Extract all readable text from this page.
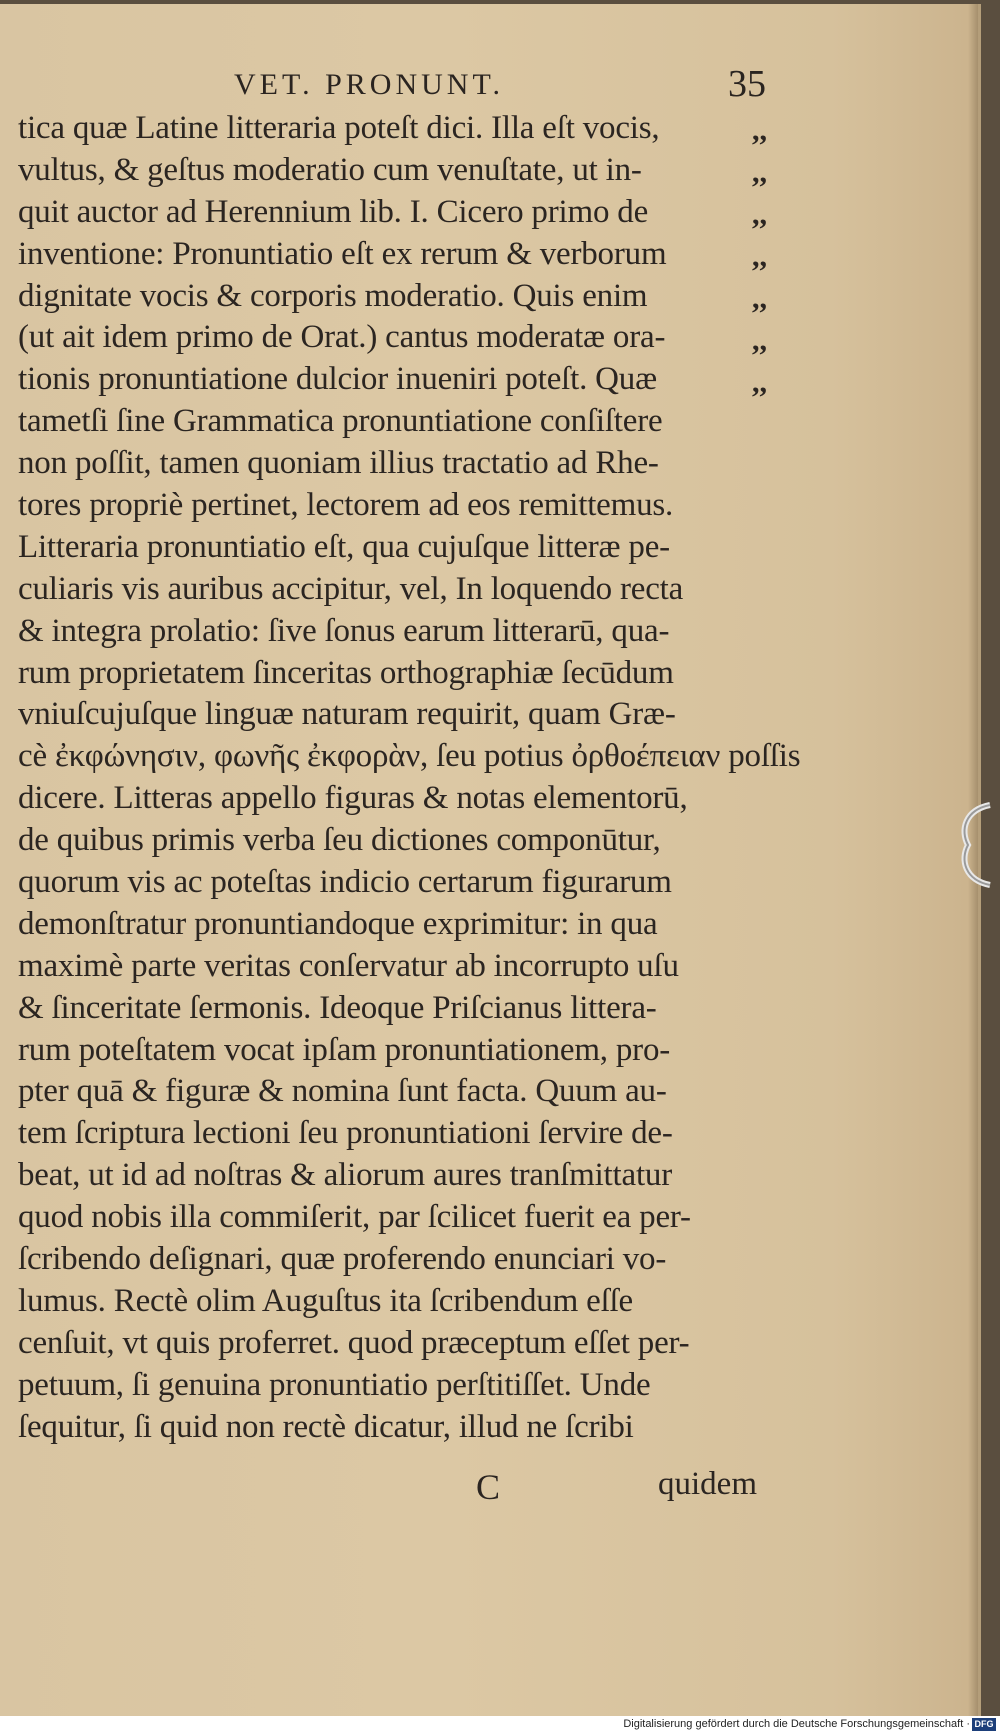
VET. PRONUNT.	35
tica quæ Latine litteraria poteſt dici. Illa eſt vocis,
vultus, & geſtus moderatio cum venuſtate, ut in-
quit auctor ad Herennium lib. I. Cicero primo de
inventione: Pronuntiatio eſt ex rerum & verborum
dignitate vocis & corporis moderatio. Quis enim
(ut ait idem primo de Orat.) cantus moderatæ ora-
tionis pronuntiatione dulcior inueniri poteſt. Quæ
tametſi ſine Grammatica pronuntiatione conſiſtere
non poſſit, tamen quoniam illius tractatio ad Rhe-
tores propriè pertinet, lectorem ad eos remittemus.
Litteraria pronuntiatio eſt, qua cujuſque litteræ pe-
culiaris vis auribus accipitur, vel, In loquendo recta
& integra prolatio: ſive ſonus earum litterarū, qua-
rum proprietatem ſinceritas orthographiæ ſecūdum
vniuſcujuſque linguæ naturam requirit, quam Græ-
cè ἐκφώνησιν, φωνῆς ἐκφορὰν, ſeu potius ὀρθοέπειαν poſſis
dicere. Litteras appello figuras & notas elementorū,
de quibus primis verba ſeu dictiones componūtur,
quorum vis ac poteſtas indicio certarum figurarum
demonſtratur pronuntiandoque exprimitur: in qua
maximè parte veritas conſervatur ab incorrupto uſu
& ſinceritate ſermonis. Ideoque Priſcianus littera-
rum poteſtatem vocat ipſam pronuntiationem, pro-
pter quā & figuræ & nomina ſunt facta. Quum au-
tem ſcriptura lectioni ſeu pronuntiationi ſervire de-
beat, ut id ad noſtras & aliorum aures tranſmittatur
quod nobis illa commiſerit, par ſcilicet fuerit ea per-
ſcribendo deſignari, quæ proferendo enunciari vo-
lumus. Rectè olim Auguſtus ita ſcribendum eſſe
cenſuit, vt quis proferret. quod præceptum eſſet per-
petuum, ſi genuina pronuntiatio perſtitiſſet. Unde
ſequitur, ſi quid non rectè dicatur, illud ne ſcribi
,,
,,
,,
,,
,,
,,
,,
C	quidem
Digitalisierung gefördert durch die Deutsche Forschungsgemeinschaft · DFG
